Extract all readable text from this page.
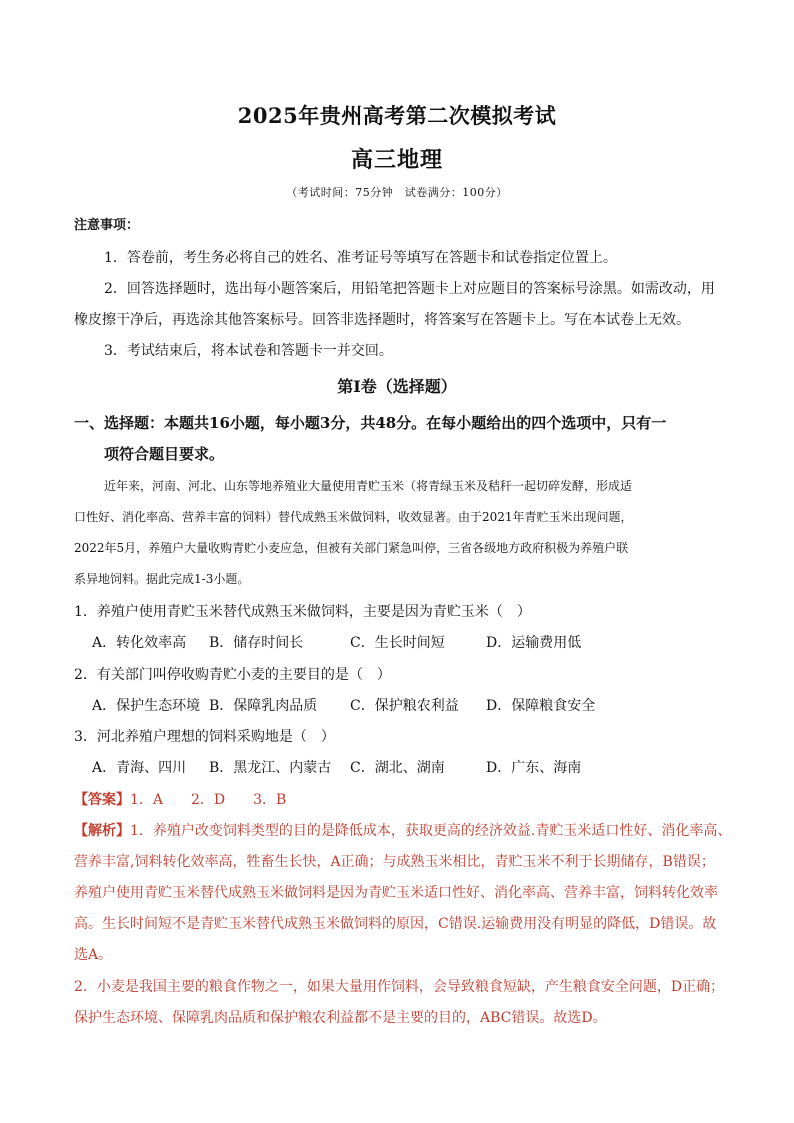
2025年贵州高考第二次模拟考试
高三地理
（考试时间：75分钟　试卷满分：100分）
注意事项：
1．答卷前，考生务必将自己的姓名、准考证号等填写在答题卡和试卷指定位置上。
2．回答选择题时，选出每小题答案后，用铅笔把答题卡上对应题目的答案标号涂黑。如需改动，用
橡皮擦干净后，再选涂其他答案标号。回答非选择题时，将答案写在答题卡上。写在本试卷上无效。
3．考试结束后，将本试卷和答题卡一并交回。
第Ⅰ卷（选择题）
一、选择题：本题共16小题，每小题3分，共48分。在每小题给出的四个选项中，只有一
项符合题目要求。
近年来，河南、河北、山东等地养殖业大量使用青贮玉米（将青绿玉米及秸秆一起切碎发酵，形成适
口性好、消化率高、营养丰富的饲料）替代成熟玉米做饲料，收效显著。由于2021年青贮玉米出现问题，
2022年5月，养殖户大量收购青贮小麦应急，但被有关部门紧急叫停，三省各级地方政府积极为养殖户联
系异地饲料。据此完成1-3小题。
1．养殖户使用青贮玉米替代成熟玉米做饲料，主要是因为青贮玉米（　）
A．转化效率高 B．储存时间长	C．生长时间短	D．运输费用低
2．有关部门叫停收购青贮小麦的主要目的是（　）
A．保护生态环境 B．保障乳肉品质 C．保护粮农利益 D．保障粮食安全
3．河北养殖户理想的饲料采购地是（　）
A．青海、四川 B．黑龙江、内蒙古 C．湖北、湖南	D．广东、海南
【答案】1．A　　2．D　　3．B
【解析】1．养殖户改变饲料类型的目的是降低成本，获取更高的经济效益.青贮玉米适口性好、消化率高、
营养丰富,饲料转化效率高，牲畜生长快，A正确；与成熟玉米相比，青贮玉米不利于长期储存，B错误；
养殖户使用青贮玉米替代成熟玉米做饲料是因为青贮玉米适口性好、消化率高、营养丰富，饲料转化效率
高。生长时间短不是青贮玉米替代成熟玉米做饲料的原因，C错误.运输费用没有明显的降低，D错误。故
选A。
2．小麦是我国主要的粮食作物之一，如果大量用作饲料，会导致粮食短缺，产生粮食安全问题，D正确；
保护生态环境、保障乳肉品质和保护粮农利益都不是主要的目的，ABC错误。故选D。
